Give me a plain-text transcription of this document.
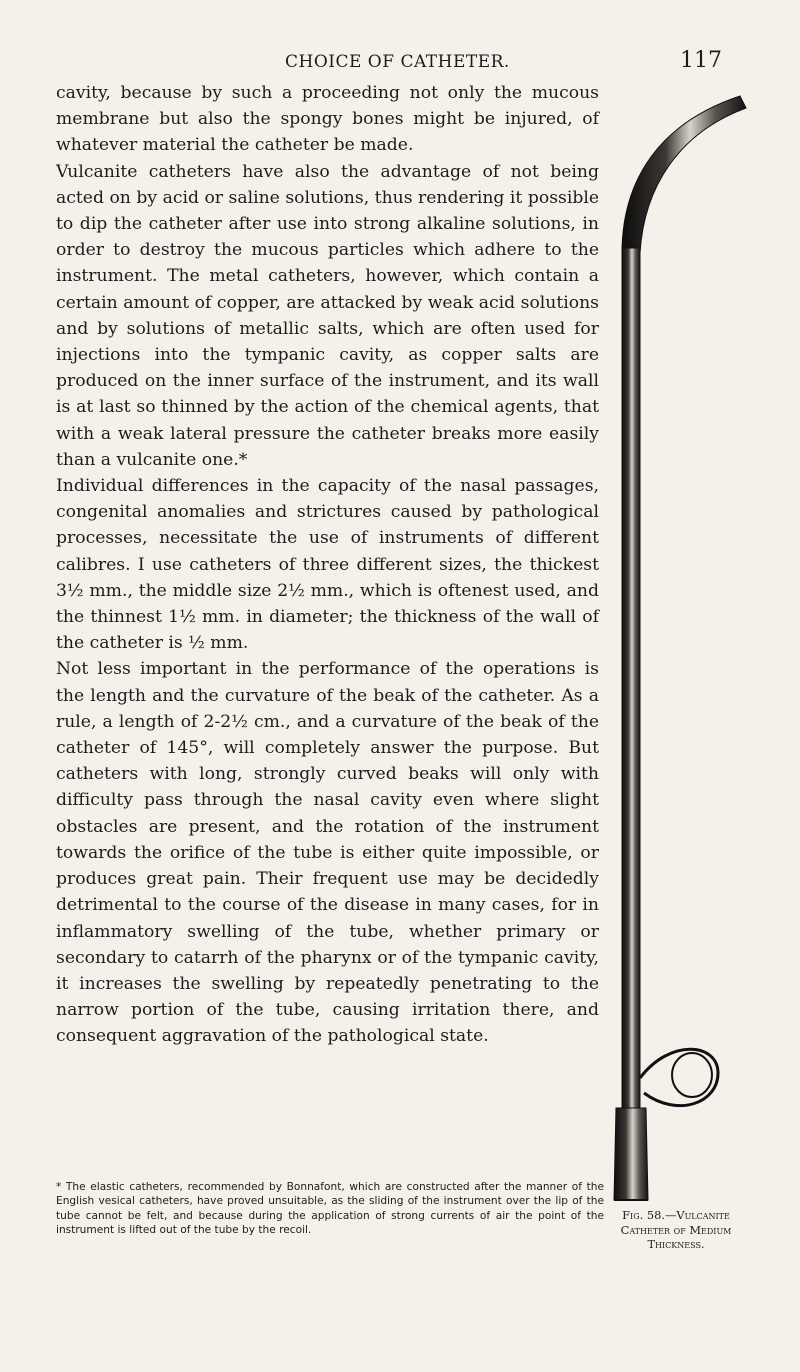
CHOICE OF CATHETER.	117

cavity, because by such a proceeding not only the mucous membrane but also the spongy bones might be injured, of whatever material the catheter be made.

Vulcanite catheters have also the advantage of not being acted on by acid or saline solutions, thus rendering it possible to dip the catheter after use into strong alkaline solutions, in order to destroy the mucous particles which adhere to the instrument. The metal catheters, however, which contain a certain amount of copper, are attacked by weak acid solutions and by solutions of metallic salts, which are often used for injections into the tympanic cavity, as copper salts are produced on the inner surface of the instrument, and its wall is at last so thinned by the action of the chemical agents, that with a weak lateral pressure the catheter breaks more easily than a vulcanite one.*

Individual differences in the capacity of the nasal passages, congenital anomalies and strictures caused by pathological processes, necessitate the use of instruments of different calibres. I use catheters of three different sizes, the thickest 3½ mm., the middle size 2½ mm., which is oftenest used, and the thinnest 1½ mm. in diameter; the thickness of the wall of the catheter is ½ mm.

Not less important in the performance of the operations is the length and the curvature of the beak of the catheter. As a rule, a length of 2-2½ cm., and a curvature of the beak of the catheter of 145°, will completely answer the purpose. But catheters with long, strongly curved beaks will only with difficulty pass through the nasal cavity even where slight obstacles are present, and the rotation of the instrument towards the orifice of the tube is either quite impossible, or produces great pain. Their frequent use may be decidedly detrimental to the course of the disease in many cases, for in inflammatory swelling of the tube, whether primary or secondary to catarrh of the pharynx or of the tympanic cavity, it increases the swelling by repeatedly penetrating to the narrow portion of the tube, causing irritation there, and consequent aggravation of the pathological state.

* The elastic catheters, recommended by Bonnafont, which are constructed after the manner of the English vesical catheters, have proved unsuitable, as the sliding of the instrument over the lip of the tube cannot be felt, and because during the application of strong currents of air the point of the instrument is lifted out of the tube by the recoil.
Fig. 58.—Vulcanite Catheter of Medium Thickness.
